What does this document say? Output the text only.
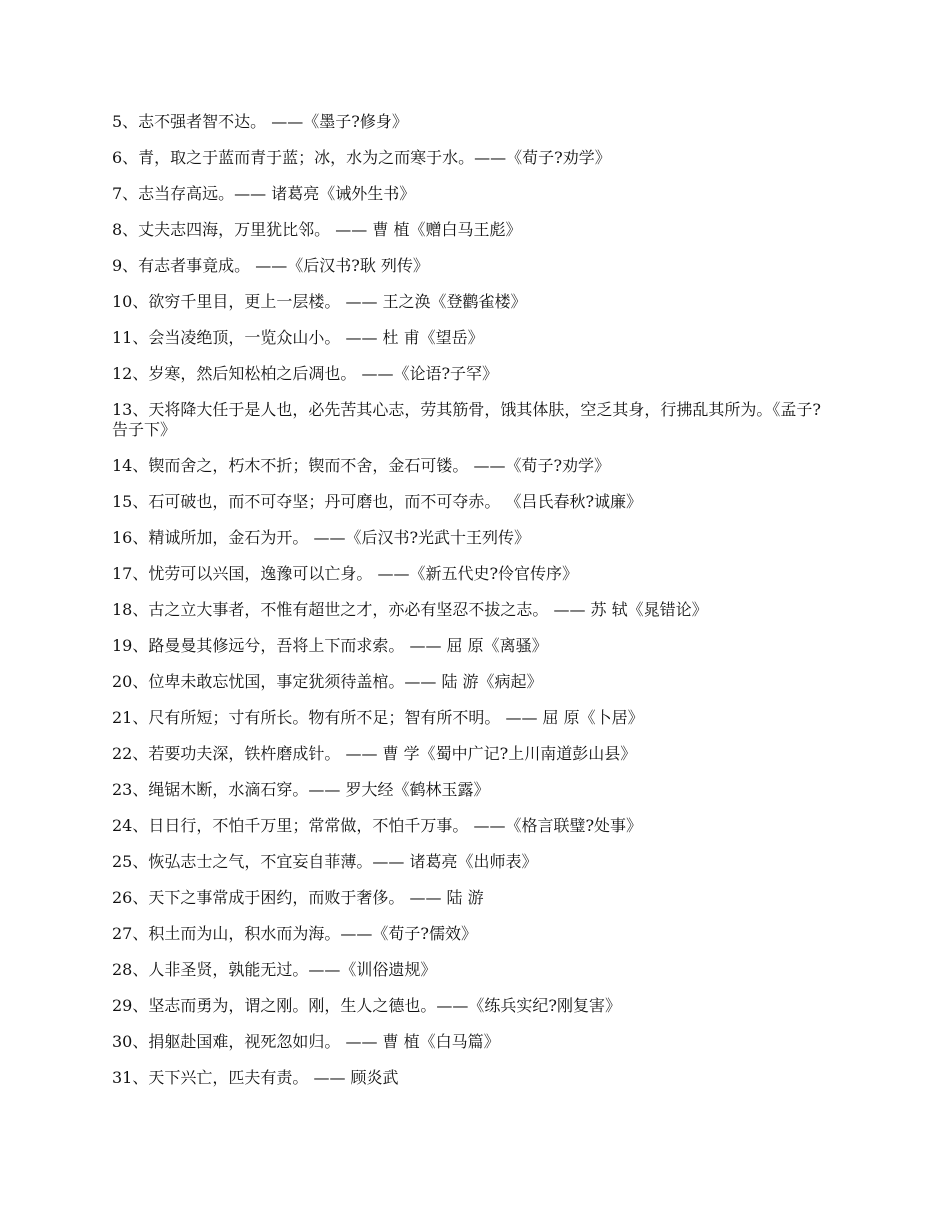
5、志不强者智不达。 ——《墨子?修身》

6、青，取之于蓝而青于蓝；冰，水为之而寒于水。——《荀子?劝学》

7、志当存高远。—— 诸葛亮《诫外生书》

8、丈夫志四海，万里犹比邻。 —— 曹 植《赠白马王彪》

9、有志者事竟成。 ——《后汉书?耿 列传》

10、欲穷千里目，更上一层楼。 —— 王之涣《登鹳雀楼》

11、会当凌绝顶，一览众山小。 —— 杜 甫《望岳》

12、岁寒，然后知松柏之后凋也。 ——《论语?子罕》

13、天将降大任于是人也，必先苦其心志，劳其筋骨，饿其体肤，空乏其身，行拂乱其所为。《孟子?告子下》

14、锲而舍之，朽木不折；锲而不舍，金石可镂。 ——《荀子?劝学》

15、石可破也，而不可夺坚；丹可磨也，而不可夺赤。 《吕氏春秋?诚廉》

16、精诚所加，金石为开。 ——《后汉书?光武十王列传》

17、忧劳可以兴国，逸豫可以亡身。 ——《新五代史?伶官传序》

18、古之立大事者，不惟有超世之才，亦必有坚忍不拔之志。 —— 苏 轼《晁错论》

19、路曼曼其修远兮，吾将上下而求索。 —— 屈 原《离骚》

20、位卑未敢忘忧国，事定犹须待盖棺。—— 陆 游《病起》

21、尺有所短；寸有所长。物有所不足；智有所不明。 —— 屈 原《卜居》

22、若要功夫深，铁杵磨成针。 —— 曹 学《蜀中广记?上川南道彭山县》

23、绳锯木断，水滴石穿。—— 罗大经《鹤林玉露》

24、日日行，不怕千万里；常常做，不怕千万事。 ——《格言联璧?处事》

25、恢弘志士之气，不宜妄自菲薄。—— 诸葛亮《出师表》

26、天下之事常成于困约，而败于奢侈。 —— 陆 游

27、积土而为山，积水而为海。——《荀子?儒效》

28、人非圣贤，孰能无过。——《训俗遗规》

29、坚志而勇为，谓之刚。刚，生人之德也。——《练兵实纪?刚复害》

30、捐躯赴国难，视死忽如归。 —— 曹 植《白马篇》

31、天下兴亡，匹夫有责。 —— 顾炎武
